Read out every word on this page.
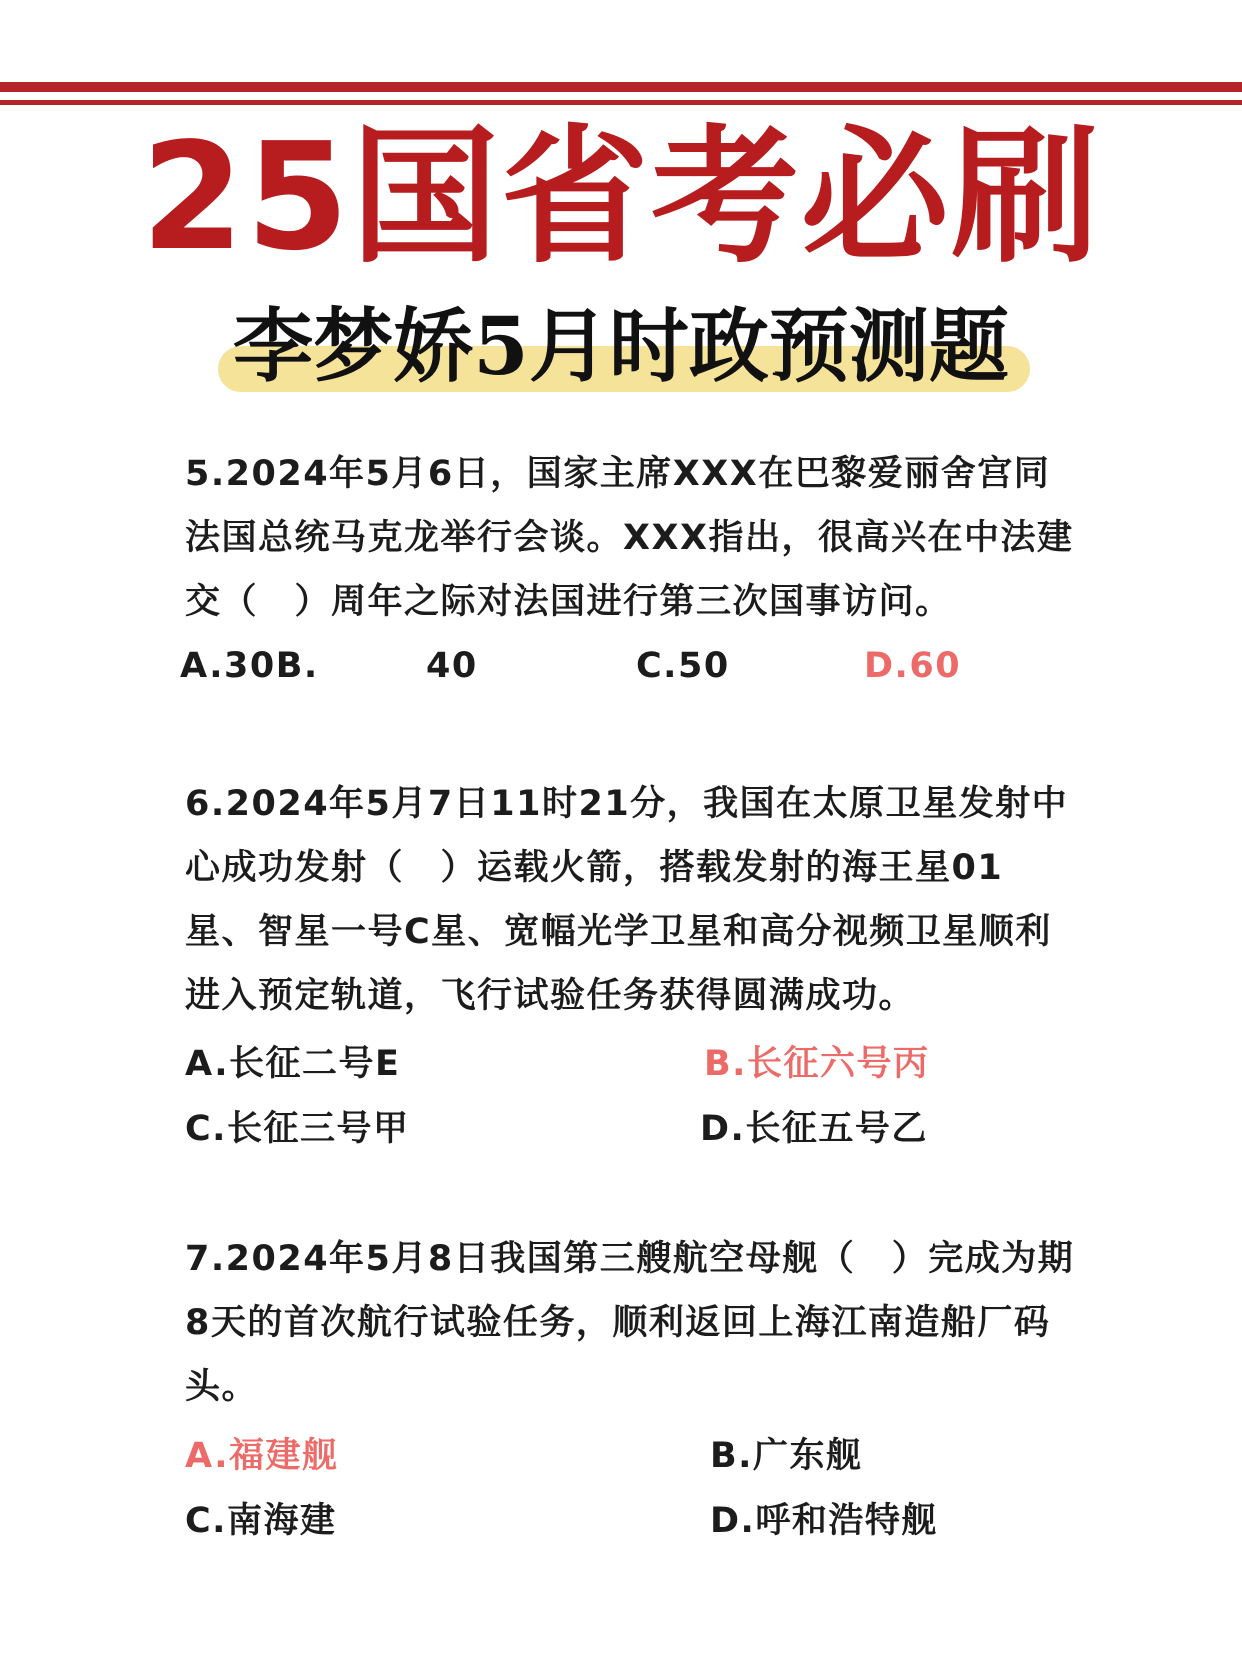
25国省考必刷
李梦娇5月时政预测题
5.2024年5月6日，国家主席XXX在巴黎爱丽舍宫同法国总统马克龙举行会谈。XXX指出，很高兴在中法建交（　）周年之际对法国进行第三次国事访问。
A.30B.	40	C.50	D.60
6.2024年5月7日11时21分，我国在太原卫星发射中心成功发射（　）运载火箭，搭载发射的海王星01星、智星一号C星、宽幅光学卫星和高分视频卫星顺利进入预定轨道，飞行试验任务获得圆满成功。
A.长征二号E	B.长征六号丙
C.长征三号甲	D.长征五号乙
7.2024年5月8日我国第三艘航空母舰（　）完成为期8天的首次航行试验任务，顺利返回上海江南造船厂码头。
A.福建舰	B.广东舰
C.南海建	D.呼和浩特舰
